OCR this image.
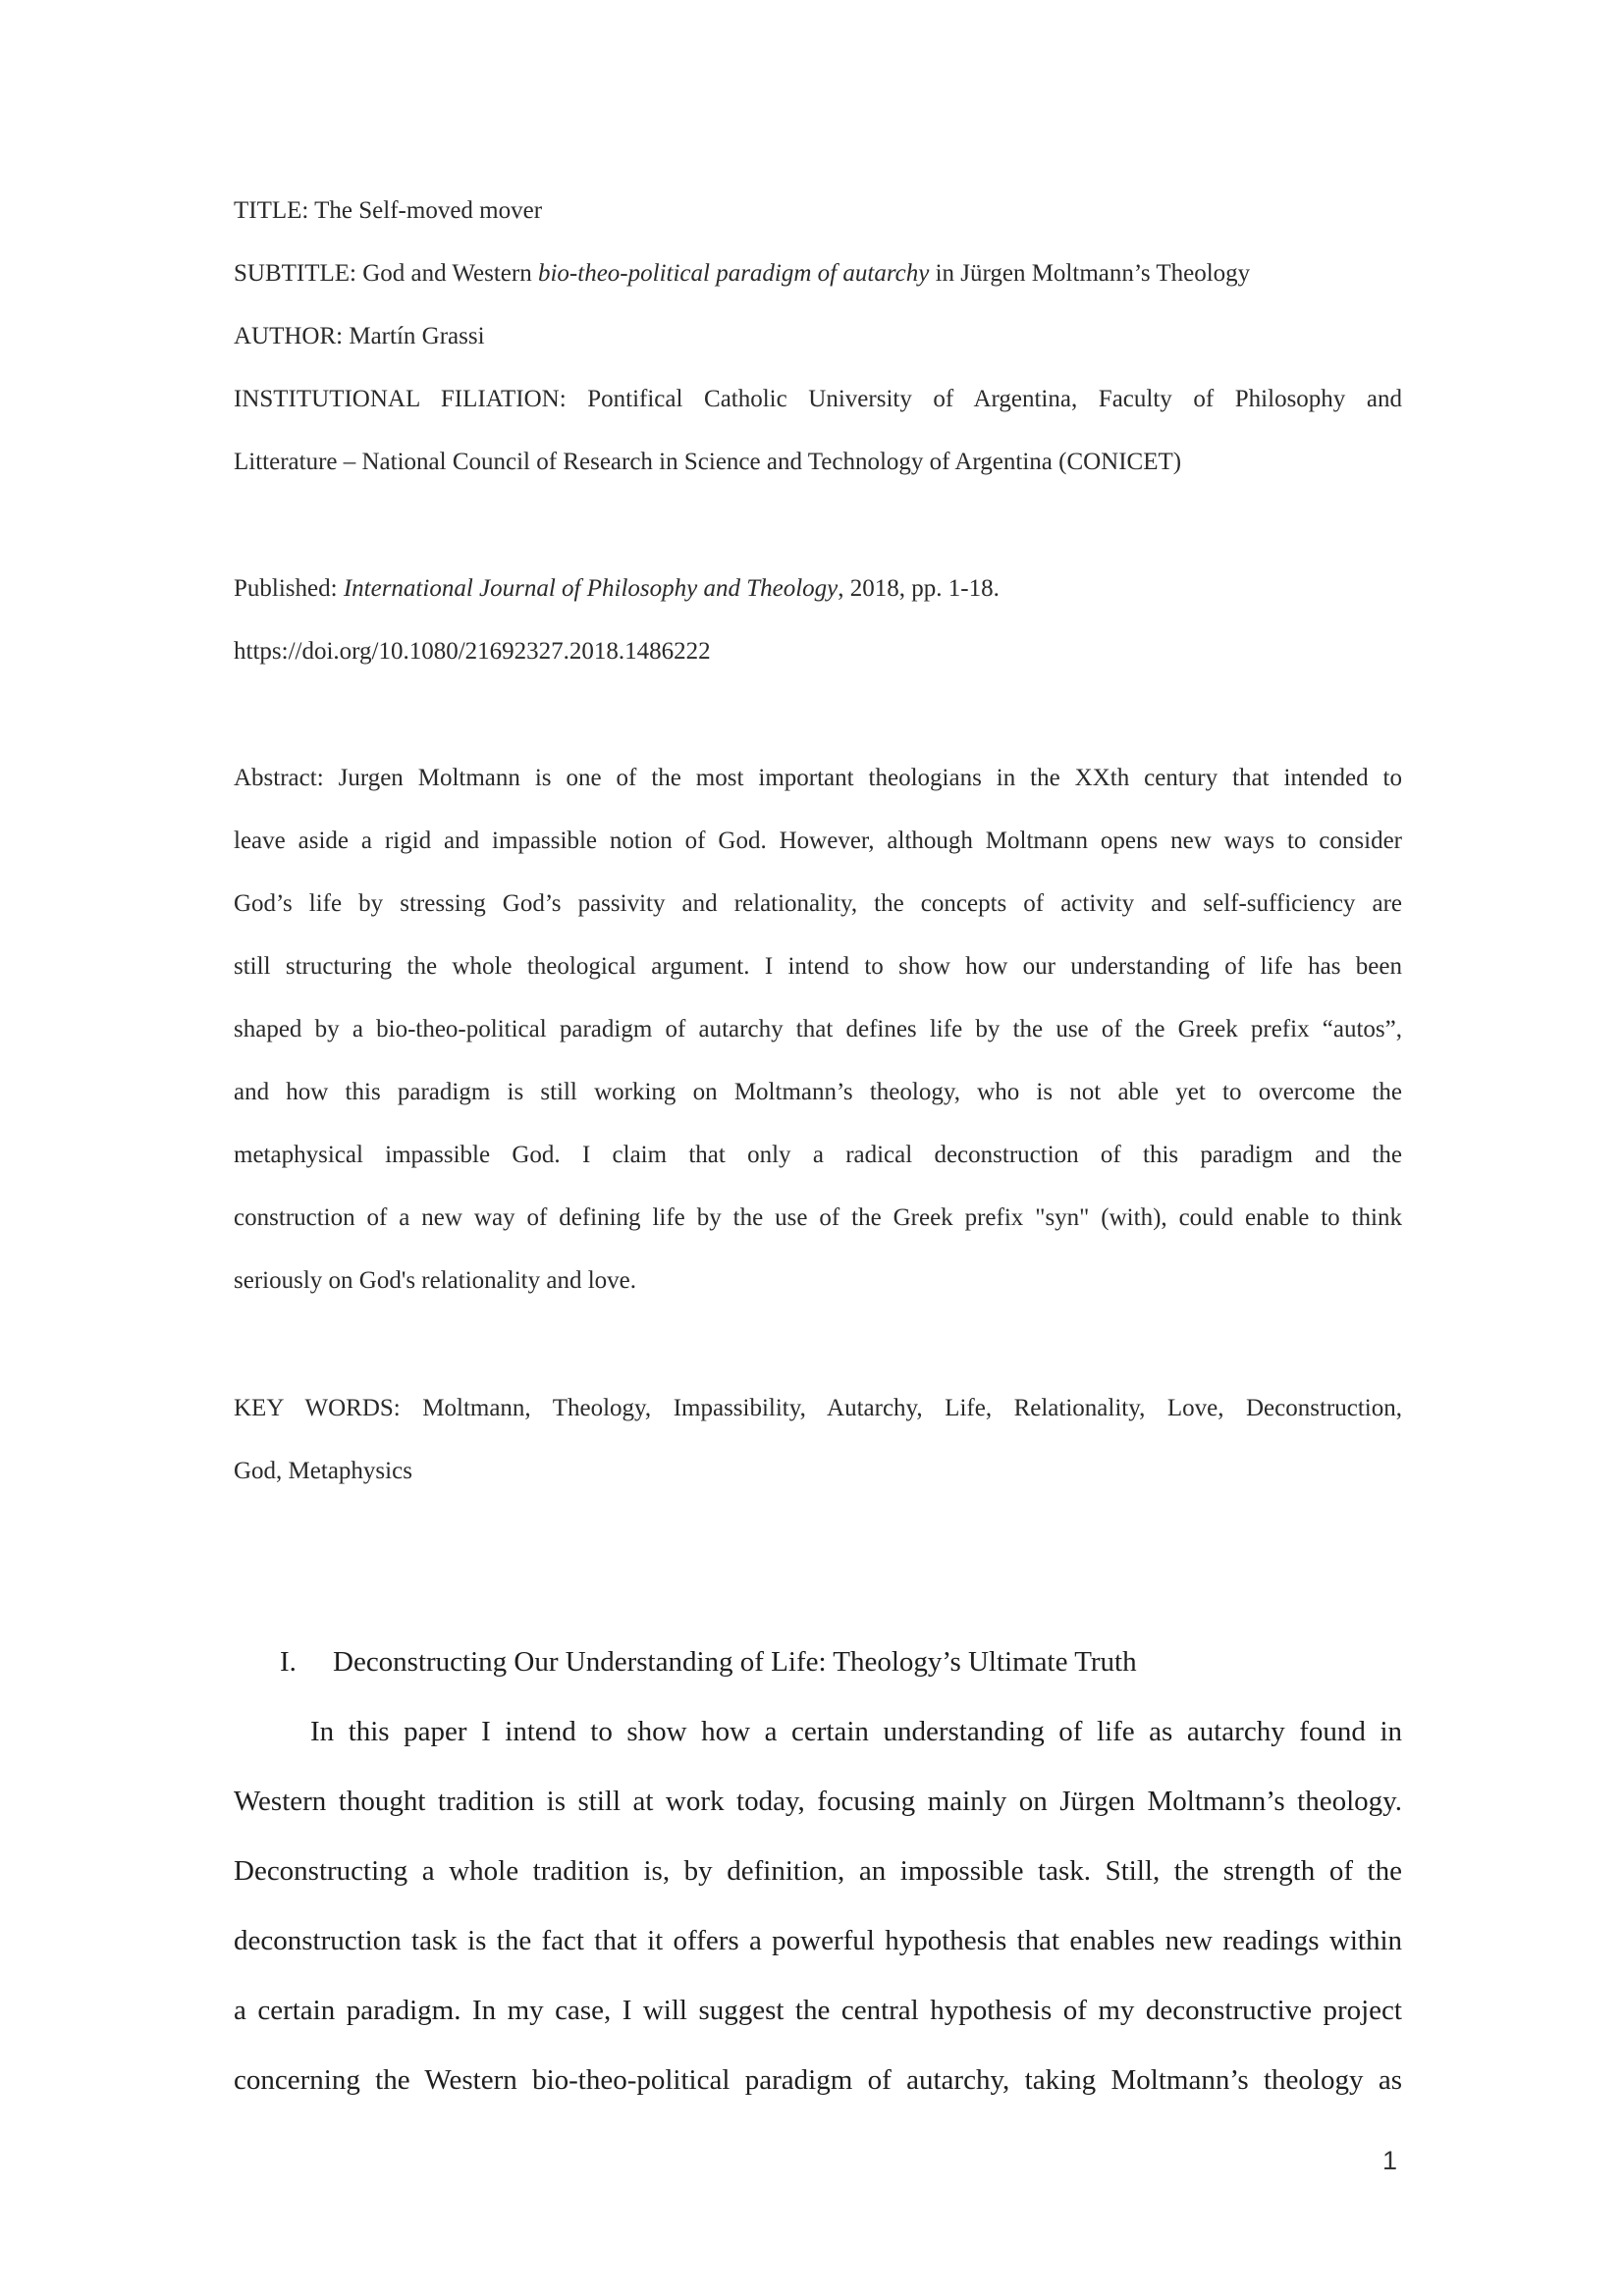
TITLE: The Self-moved mover
SUBTITLE: God and Western bio-theo-political paradigm of autarchy in Jürgen Moltmann’s Theology
AUTHOR: Martín Grassi
INSTITUTIONAL FILIATION: Pontifical Catholic University of Argentina, Faculty of Philosophy and
Litterature – National Council of Research in Science and Technology of Argentina (CONICET)
Published: International Journal of Philosophy and Theology, 2018, pp. 1-18.
https://doi.org/10.1080/21692327.2018.1486222
Abstract: Jurgen Moltmann is one of the most important theologians in the XXth century that intended to
leave aside a rigid and impassible notion of God. However, although Moltmann opens new ways to consider
God’s life by stressing God’s passivity and relationality, the concepts of activity and self-sufficiency are
still structuring the whole theological argument. I intend to show how our understanding of life has been
shaped by a bio-theo-political paradigm of autarchy that defines life by the use of the Greek prefix “autos”,
and how this paradigm is still working on Moltmann’s theology, who is not able yet to overcome the
metaphysical impassible God. I claim that only a radical deconstruction of this paradigm and the
construction of a new way of defining life by the use of the Greek prefix "syn" (with), could enable to think
seriously on God's relationality and love.
KEY WORDS: Moltmann, Theology, Impassibility, Autarchy, Life, Relationality, Love, Deconstruction,
God, Metaphysics
I. Deconstructing Our Understanding of Life: Theology’s Ultimate Truth
In this paper I intend to show how a certain understanding of life as autarchy found in
Western thought tradition is still at work today, focusing mainly on Jürgen Moltmann’s theology.
Deconstructing a whole tradition is, by definition, an impossible task. Still, the strength of the
deconstruction task is the fact that it offers a powerful hypothesis that enables new readings within
a certain paradigm. In my case, I will suggest the central hypothesis of my deconstructive project
concerning the Western bio-theo-political paradigm of autarchy, taking Moltmann’s theology as
1
